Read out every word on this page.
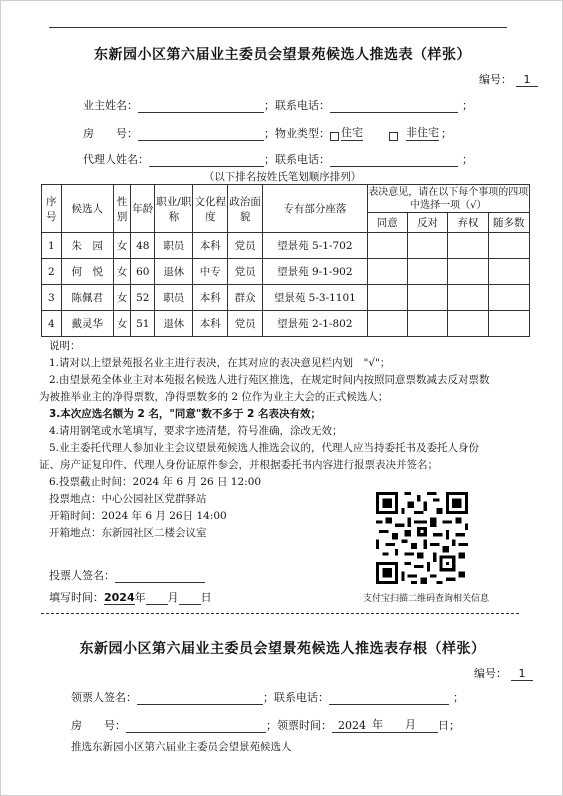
东新园小区第六届业主委员会望景苑候选人推选表（样张）
编号： 1
业主姓名：	；联系电话：	；
房　　号：	；物业类型： 住宅	非住宅 ；
代理人姓名：	；联系电话：	；
（以下排名按姓氏笔划顺序排列）
序号	候选人	性别	年龄	职业/职称	文化程度	政治面貌	专有部分座落	表决意见，请在以下每个事项的四项中选择一项（√）			
								同意	反对	弃权	随多数
1	朱　园	女	48	职员	本科	党员	望景苑 5-1-702				
2	何　悦	女	60	退休	中专	党员	望景苑 9-1-902				
3	陈佩君	女	52	职员	本科	群众	望景苑 5-3-1101				
4	戴灵华	女	51	退休	本科	党员	望景苑 2-1-802				

说明：

1.请对以上望景苑报名业主进行表决，在其对应的表决意见栏内划　"√"；

2.由望景苑全体业主对本苑报名候选人进行苑区推选，在规定时间内按照同意票数减去反对票数

为被推举业主的净得票数，净得票数多的 2 位作为业主大会的正式候选人；

3.本次应选名额为 2 名，"同意"数不多于 2 名表决有效；

4.请用钢笔或水笔填写，要求字迹清楚，符号准确，涂改无效；

5.业主委托代理人参加业主会议望景苑候选人推选会议的，代理人应当持委托书及委托人身份

证、房产证复印件、代理人身份证原件参会，并根据委托书内容进行报票表决并签名；

6.投票截止时间：2024 年 6 月 26 日 12:00

投票地点：中心公园社区党群驿站

开箱时间：2024 年 6 月 26日 14:00

开箱地点：东新园社区二楼会议室

投票人签名：
填写时间： 2024 年 月 日	支付宝扫描二维码查询相关信息
东新园小区第六届业主委员会望景苑候选人推选表存根（样张）
编号： 1
领票人签名：	；联系电话：	；
房　　号：	；领票时间： 2024 年 月 日；
推选东新园小区第六届业主委员会望景苑候选人
